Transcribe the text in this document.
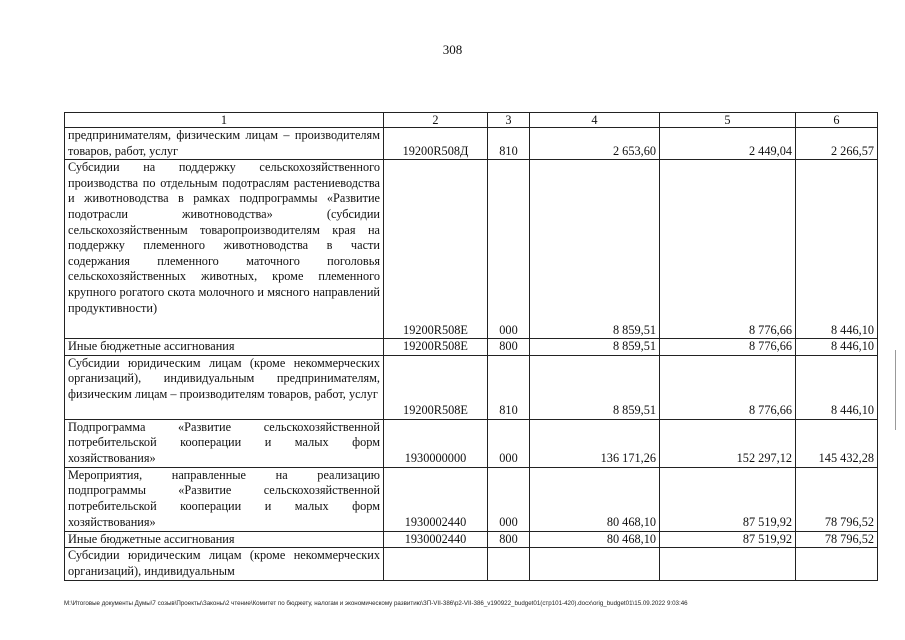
· · · · · · · · · · · ·
308
1	2	3	4	5	6
предпринимателям, физическим лицам – производителям товаров, работ, услуг	19200R508Д	810	2 653,60	2 449,04	2 266,57
Субсидии на поддержку сельскохозяйственного производства по отдельным подотраслям растениеводства и животноводства в рамках подпрограммы «Развитие подотрасли животноводства» (субсидии сельскохозяйственным товаропроизводителям края на поддержку племенного животноводства в части содержания племенного маточного поголовья сельскохозяйственных животных, кроме племенного крупного рогатого скота молочного и мясного направлений продуктивности)	19200R508Е	000	8 859,51	8 776,66	8 446,10
Иные бюджетные ассигнования	19200R508Е	800	8 859,51	8 776,66	8 446,10
Субсидии юридическим лицам (кроме некоммерческих организаций), индивидуальным предпринимателям, физическим лицам – производителям товаров, работ, услуг	19200R508Е	810	8 859,51	8 776,66	8 446,10
Подпрограмма «Развитие сельскохозяйственной потребительской кооперации и малых форм хозяйствования»	1930000000	000	136 171,26	152 297,12	145 432,28
Мероприятия, направленные на реализацию подпрограммы «Развитие сельскохозяйственной потребительской кооперации и малых форм хозяйствования»	1930002440	000	80 468,10	87 519,92	78 796,52
Иные бюджетные ассигнования	1930002440	800	80 468,10	87 519,92	78 796,52
Субсидии юридическим лицам (кроме некоммерческих организаций), индивидуальным					
M:\Итоговые документы Думы\7 созыв\Проекты\Законы\2 чтение\Комитет по бюджету, налогам и экономическому развитию\ЗП-VII-386\р2-VII-386_v190922_budget01(стр101-420).docx\orig_budget01\15.09.2022 9:03:46
